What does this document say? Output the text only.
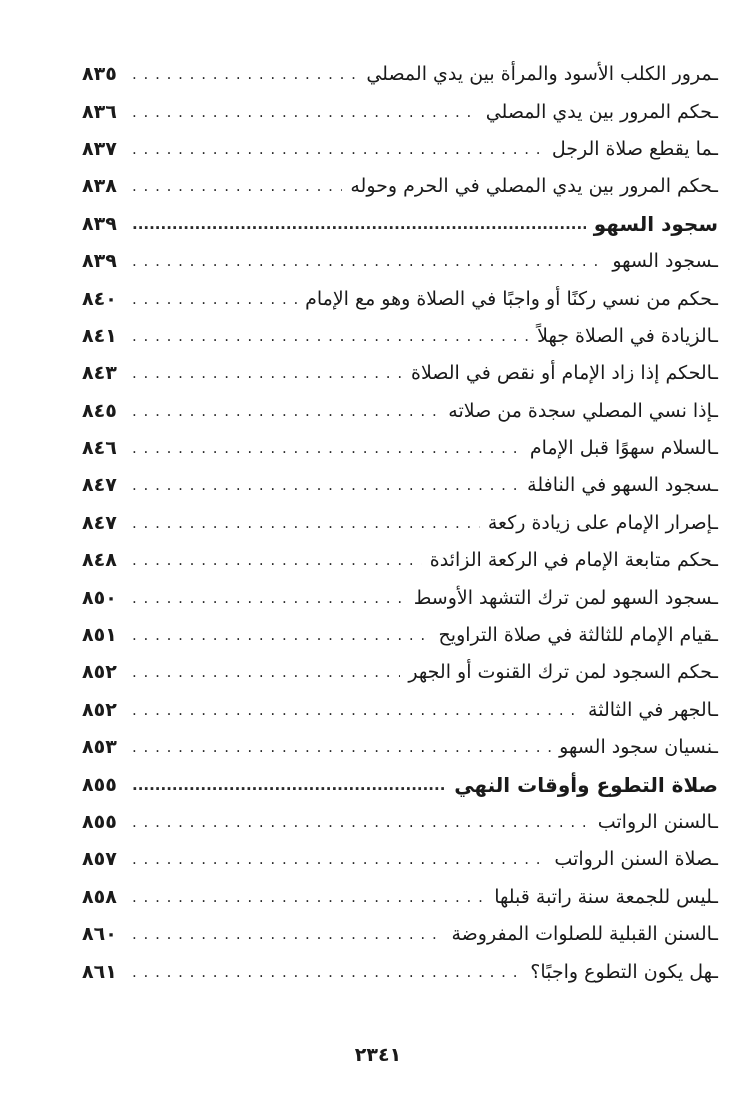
٨٣٥ . . .	ـمرور الكلب الأسود والمرأة بين يدي المصلي
٨٣٦ . . .	ـحكم المرور بين يدي المصلي
٨٣٧ . . .	ـما يقطع صلاة الرجل
٨٣٨ . . .	ـحكم المرور بين يدي المصلي في الحرم وحوله
٨٣٩ .....	سجود السهو
٨٣٩ . . .	ـسجود السهو
٨٤٠ . . .	ـحكم من نسي ركنًا أو واجبًا في الصلاة وهو مع الإمام
٨٤١ . . .	ـالزيادة في الصلاة جهلاً
٨٤٣ . . .	ـالحكم إذا زاد الإمام أو نقص في الصلاة
٨٤٥ . . .	ـإذا نسي المصلي سجدة من صلاته
٨٤٦ . . .	ـالسلام سهوًا قبل الإمام
٨٤٧ . . .	ـسجود السهو في النافلة
٨٤٧ . . .	ـإصرار الإمام على زيادة ركعة
٨٤٨ . . .	ـحكم متابعة الإمام في الركعة الزائدة
٨٥٠ . . .	ـسجود السهو لمن ترك التشهد الأوسط
٨٥١ . . .	ـقيام الإمام للثالثة في صلاة التراويح
٨٥٢ . . .	ـحكم السجود لمن ترك القنوت أو الجهر
٨٥٢ . . .	ـالجهر في الثالثة
٨٥٣ . . .	ـنسيان سجود السهو
٨٥٥ .....	صلاة التطوع وأوقات النهي
٨٥٥ . . .	ـالسنن الرواتب
٨٥٧ . . .	ـصلاة السنن الرواتب
٨٥٨ . . .	ـليس للجمعة سنة راتبة قبلها
٨٦٠ . . .	ـالسنن القبلية للصلوات المفروضة
٨٦١ . . .	ـهل يكون التطوع واجبًا؟
٢٣٤١
